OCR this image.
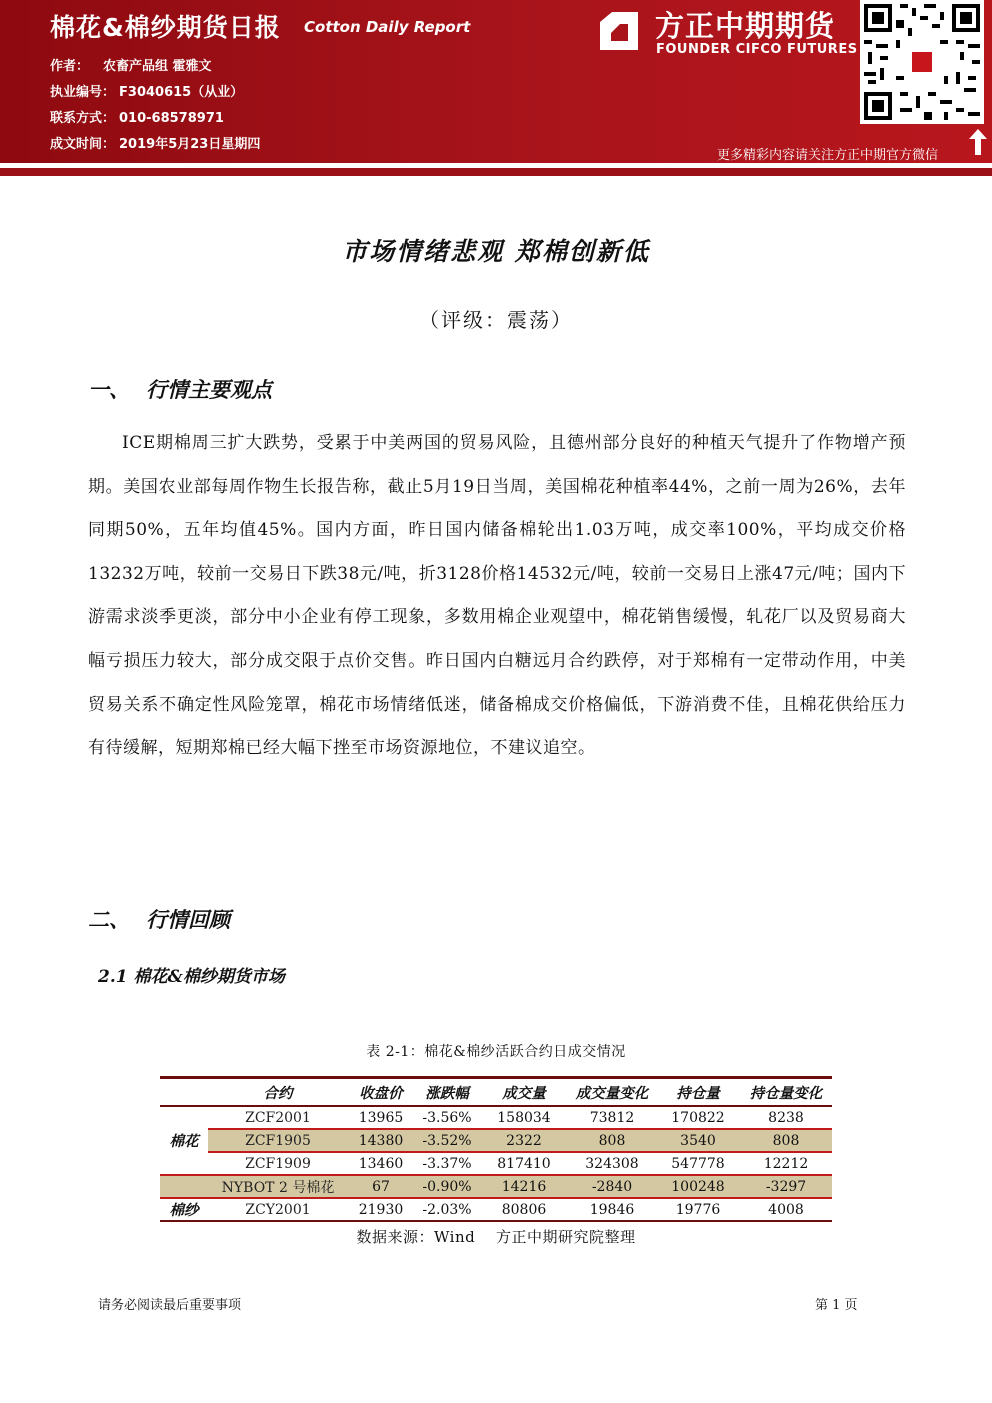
棉花&棉纱期货日报 Cotton Daily Report
作者： 农畜产品组 霍雅文
执业编号： F3040615（从业）
联系方式： 010-68578971
成文时间： 2019年5月23日星期四
方正中期期货
FOUNDER CIFCO FUTURES
更多精彩内容请关注方正中期官方微信
市场情绪悲观 郑棉创新低
（评级：震荡）
一、 行情主要观点
ICE期棉周三扩大跌势，受累于中美两国的贸易风险，且德州部分良好的种植天气提升了作物增产预期。美国农业部每周作物生长报告称，截止5月19日当周，美国棉花种植率44%，之前一周为26%，去年同期50%，五年均值45%。国内方面，昨日国内储备棉轮出1.03万吨，成交率100%，平均成交价格13232万吨，较前一交易日下跌38元/吨，折3128价格14532元/吨，较前一交易日上涨47元/吨；国内下游需求淡季更淡，部分中小企业有停工现象，多数用棉企业观望中，棉花销售缓慢，轧花厂以及贸易商大幅亏损压力较大，部分成交限于点价交售。昨日国内白糖远月合约跌停，对于郑棉有一定带动作用，中美贸易关系不确定性风险笼罩，棉花市场情绪低迷，储备棉成交价格偏低，下游消费不佳，且棉花供给压力有待缓解，短期郑棉已经大幅下挫至市场资源地位，不建议追空。
二、 行情回顾
2.1 棉花&棉纱期货市场
表 2-1：棉花&棉纱活跃合约日成交情况
	合约	收盘价	涨跌幅	成交量	成交量变化	持仓量	持仓量变化
棉花	ZCF2001	13965	-3.56%	158034	73812	170822	8238
	ZCF1905	14380	-3.52%	2322	808	3540	808
	ZCF1909	13460	-3.37%	817410	324308	547778	12212
	NYBOT 2 号棉花	67	-0.90%	14216	-2840	100248	-3297
棉纱	ZCY2001	21930	-2.03%	80806	19846	19776	4008
数据来源：Wind　 方正中期研究院整理
请务必阅读最后重要事项	第 1 页
